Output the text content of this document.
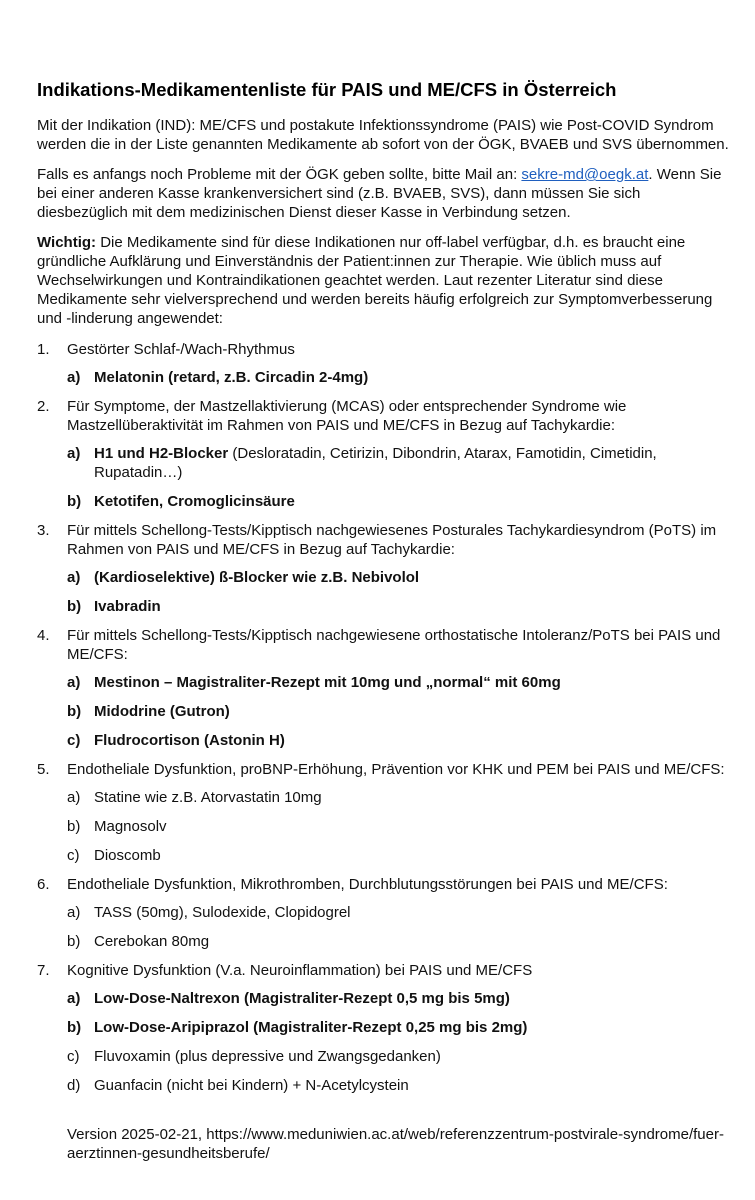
Indikations-Medikamentenliste für PAIS und ME/CFS in Österreich

Mit der Indikation (IND): ME/CFS und postakute Infektionssyndrome (PAIS) wie Post-COVID Syndrom werden die in der Liste genannten Medikamente ab sofort von der ÖGK, BVAEB und SVS übernommen.

Falls es anfangs noch Probleme mit der ÖGK geben sollte, bitte Mail an: sekre-md@oegk.at. Wenn Sie bei einer anderen Kasse krankenversichert sind (z.B. BVAEB, SVS), dann müssen Sie sich diesbezüglich mit dem medizinischen Dienst dieser Kasse in Verbindung setzen.

Wichtig: Die Medikamente sind für diese Indikationen nur off-label verfügbar, d.h. es braucht eine gründliche Aufklärung und Einverständnis der Patient:innen zur Therapie. Wie üblich muss auf Wechselwirkungen und Kontraindikationen geachtet werden. Laut rezenter Literatur sind diese Medikamente sehr vielversprechend und werden bereits häufig erfolgreich zur Symptomverbesserung und -linderung angewendet:

1.	Gestörter Schlaf-/Wach-Rhythmus
a) Melatonin (retard, z.B. Circadin 2-4mg)
2.	Für Symptome, der Mastzellaktivierung (MCAS) oder entsprechender Syndrome wie Mastzellüberaktivität im Rahmen von PAIS und ME/CFS in Bezug auf Tachykardie:
a) H1 und H2-Blocker (Desloratadin, Cetirizin, Dibondrin, Atarax, Famotidin, Cimetidin, Rupatadin…)
b) Ketotifen, Cromoglicinsäure
3.	Für mittels Schellong-Tests/Kipptisch nachgewiesenes Posturales Tachykardiesyndrom (PoTS) im Rahmen von PAIS und ME/CFS in Bezug auf Tachykardie:
a) (Kardioselektive) ß-Blocker wie z.B. Nebivolol
b) Ivabradin
4.	Für mittels Schellong-Tests/Kipptisch nachgewiesene orthostatische Intoleranz/PoTS bei PAIS und ME/CFS:
a) Mestinon – Magistraliter-Rezept mit 10mg und „normal“ mit 60mg
b) Midodrine (Gutron)
c) Fludrocortison (Astonin H)
5.	Endotheliale Dysfunktion, proBNP-Erhöhung, Prävention vor KHK und PEM bei PAIS und ME/CFS:
a) Statine wie z.B. Atorvastatin 10mg
b) Magnosolv
c) Dioscomb
6.	Endotheliale Dysfunktion, Mikrothromben, Durchblutungsstörungen bei PAIS und ME/CFS:
a) TASS (50mg), Sulodexide, Clopidogrel
b) Cerebokan 80mg
7.	Kognitive Dysfunktion (V.a. Neuroinflammation) bei PAIS und ME/CFS
a) Low-Dose-Naltrexon (Magistraliter-Rezept 0,5 mg bis 5mg)
b) Low-Dose-Aripiprazol (Magistraliter-Rezept 0,25 mg bis 2mg)
c) Fluvoxamin (plus depressive und Zwangsgedanken)
d) Guanfacin (nicht bei Kindern) + N-Acetylcystein
Version 2025-02-21, https://www.meduniwien.ac.at/web/referenzzentrum-postvirale-syndrome/fuer-aerztinnen-gesundheitsberufe/
